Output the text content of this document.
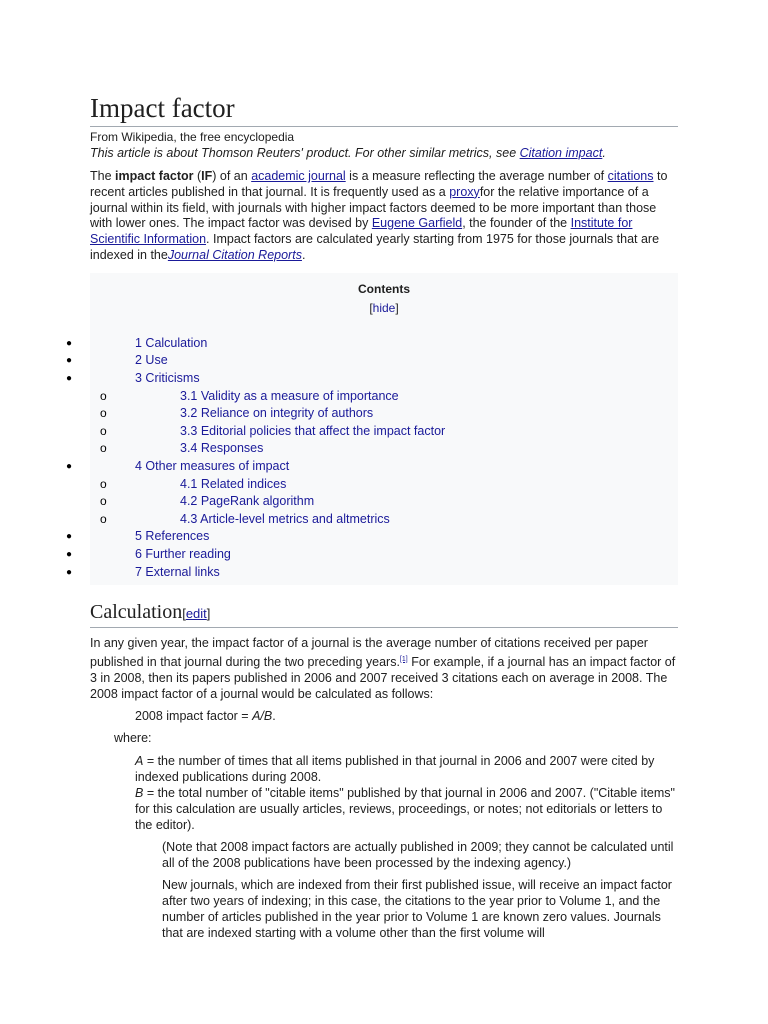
Impact factor
From Wikipedia, the free encyclopedia
This article is about Thomson Reuters' product. For other similar metrics, see Citation impact.

The impact factor (IF) of an academic journal is a measure reflecting the average number of citations to recent articles published in that journal. It is frequently used as a proxyfor the relative importance of a journal within its field, with journals with higher impact factors deemed to be more important than those with lower ones. The impact factor was devised by Eugene Garfield, the founder of the Institute for Scientific Information. Impact factors are calculated yearly starting from 1975 for those journals that are indexed in theJournal Citation Reports.

Contents
[hide]
●	1 Calculation
●	2 Use
●	3 Criticisms
o	3.1 Validity as a measure of importance
o	3.2 Reliance on integrity of authors
o	3.3 Editorial policies that affect the impact factor
o	3.4 Responses
●	4 Other measures of impact
o	4.1 Related indices
o	4.2 PageRank algorithm
o	4.3 Article-level metrics and altmetrics
●	5 References
●	6 Further reading
●	7 External links
Calculation[edit]

In any given year, the impact factor of a journal is the average number of citations received per paper published in that journal during the two preceding years.[1] For example, if a journal has an impact factor of 3 in 2008, then its papers published in 2006 and 2007 received 3 citations each on average in 2008. The 2008 impact factor of a journal would be calculated as follows:

2008 impact factor = A/B.
where:
A = the number of times that all items published in that journal in 2006 and 2007 were cited by indexed publications during 2008.
B = the total number of "citable items" published by that journal in 2006 and 2007. ("Citable items" for this calculation are usually articles, reviews, proceedings, or notes; not editorials or letters to the editor).
(Note that 2008 impact factors are actually published in 2009; they cannot be calculated until all of the 2008 publications have been processed by the indexing agency.)
New journals, which are indexed from their first published issue, will receive an impact factor after two years of indexing; in this case, the citations to the year prior to Volume 1, and the number of articles published in the year prior to Volume 1 are known zero values. Journals that are indexed starting with a volume other than the first volume will
